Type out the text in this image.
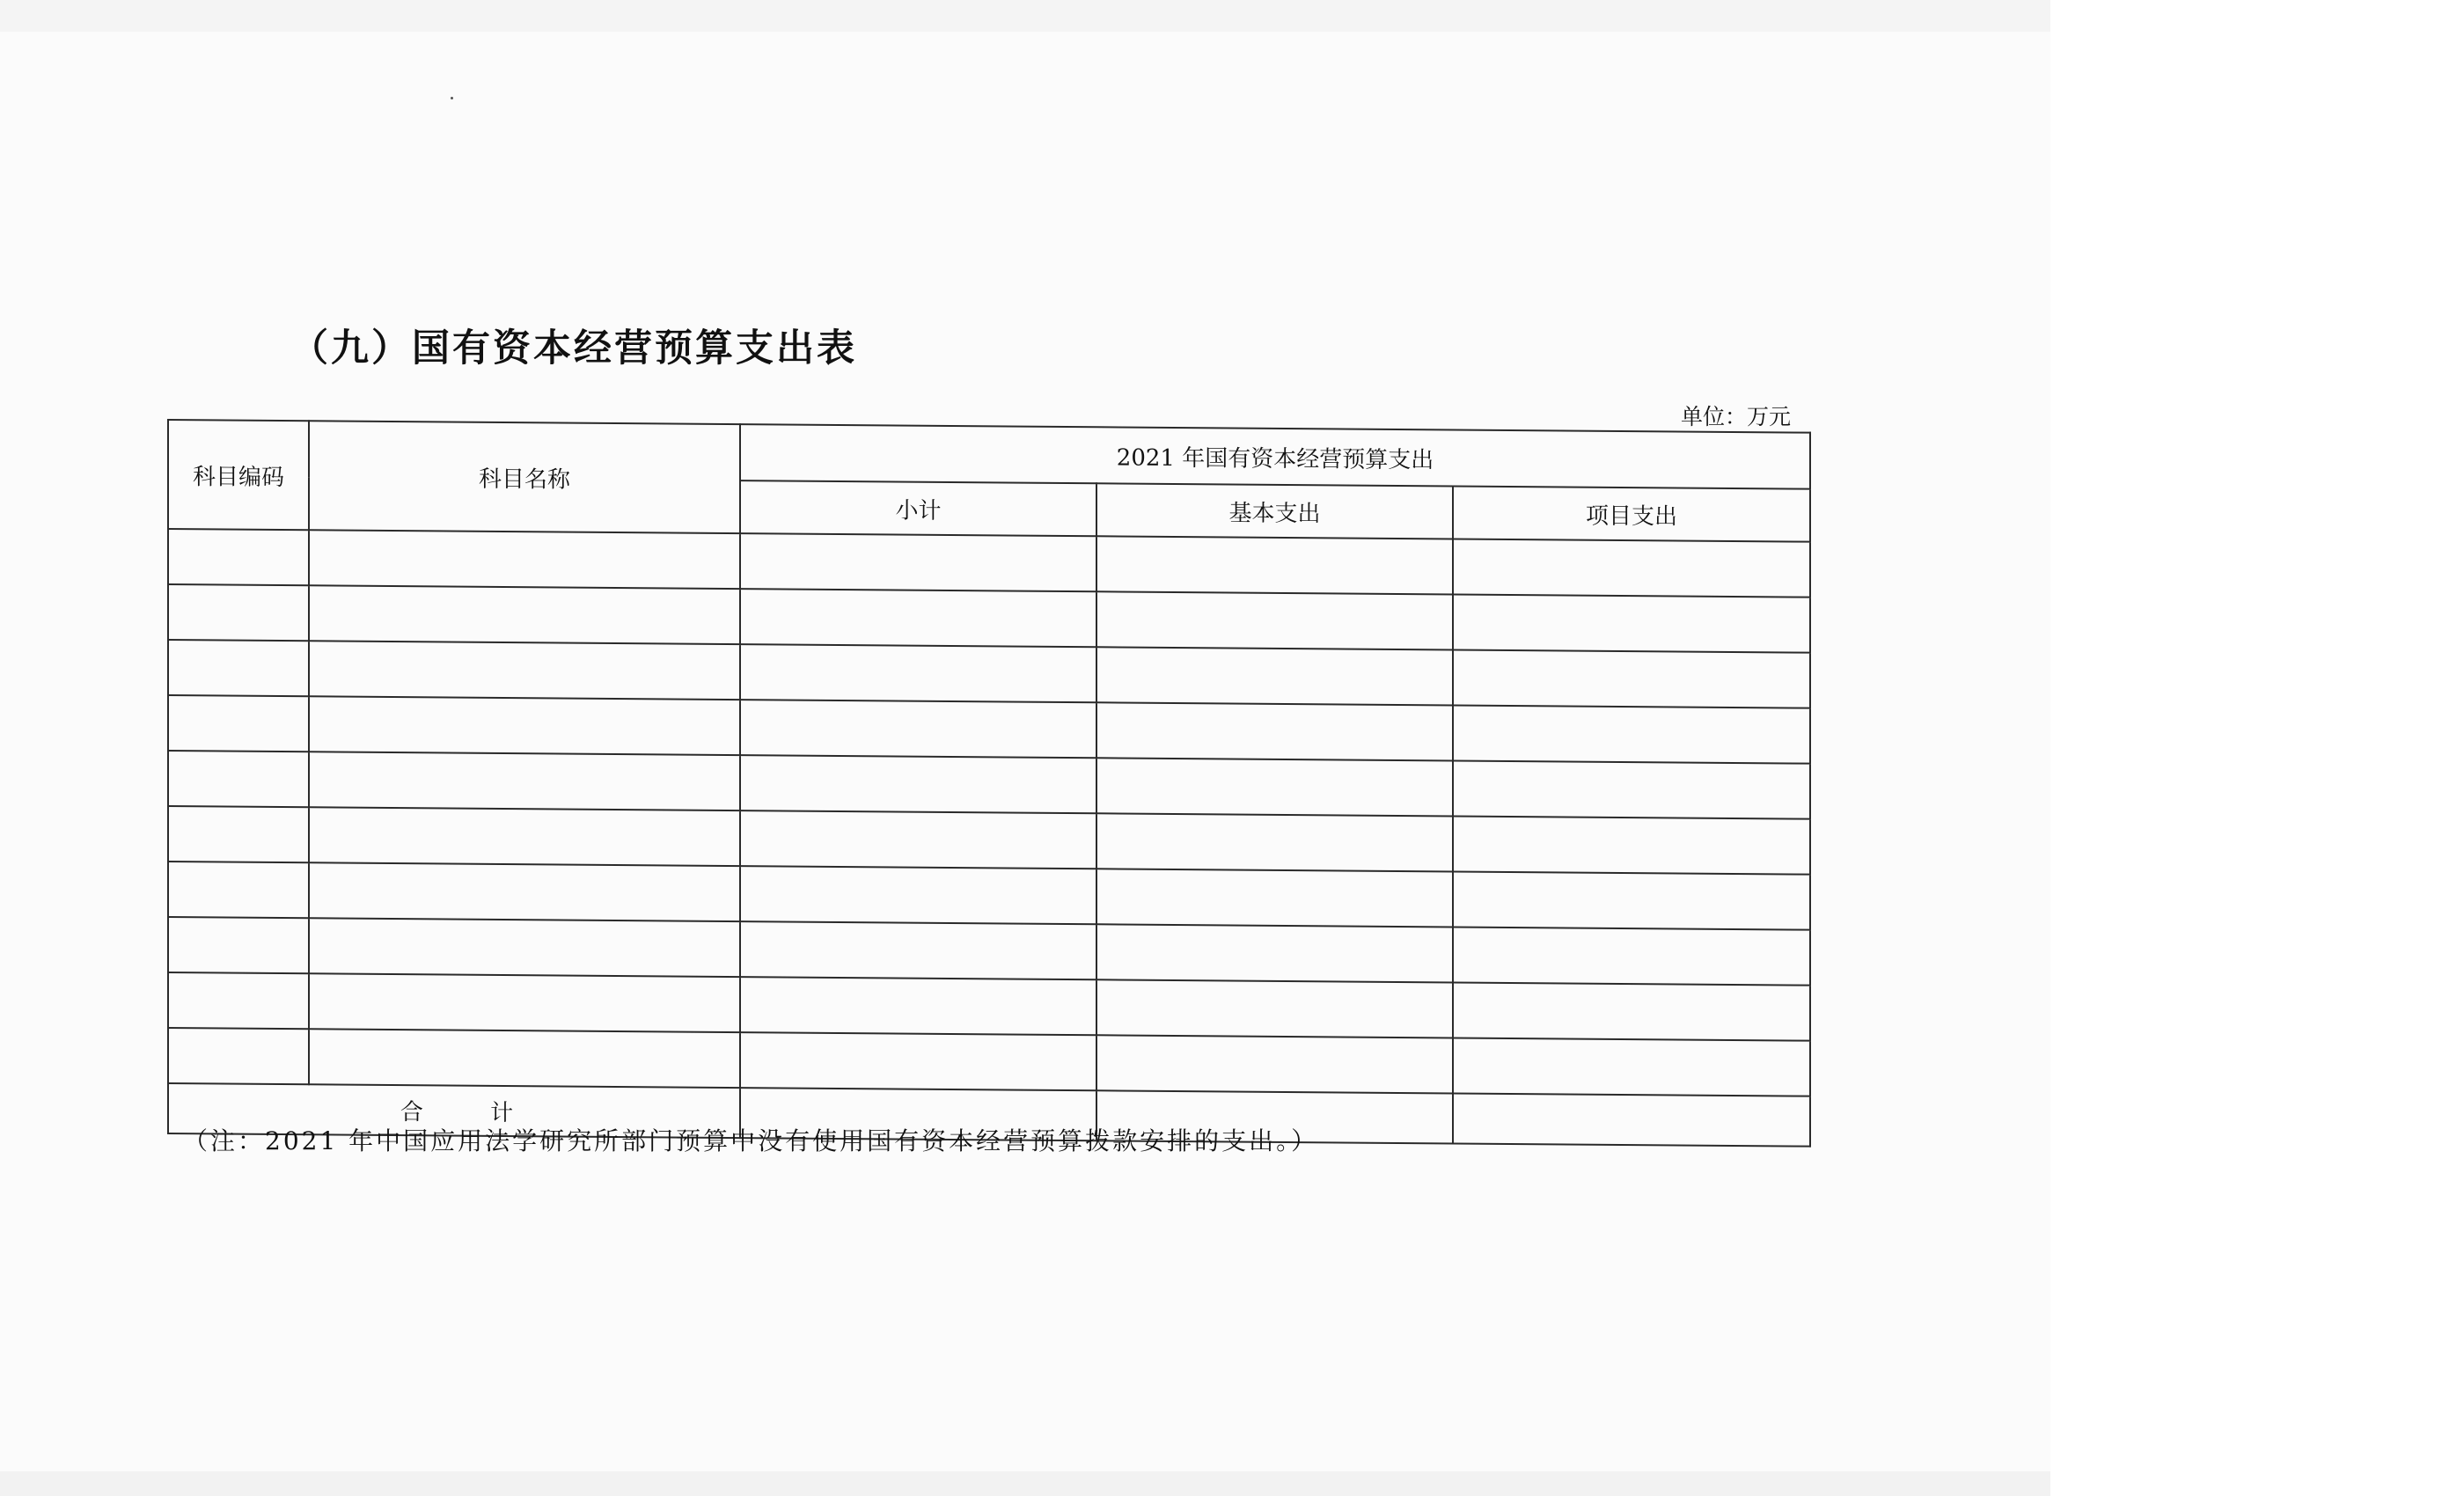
（九）国有资本经营预算支出表
单位：万元
科目编码	科目名称	2021 年国有资本经营预算支出		
		小计	基本支出	项目支出

合 计				
（注：2021 年中国应用法学研究所部门预算中没有使用国有资本经营预算拨款安排的支出。）
